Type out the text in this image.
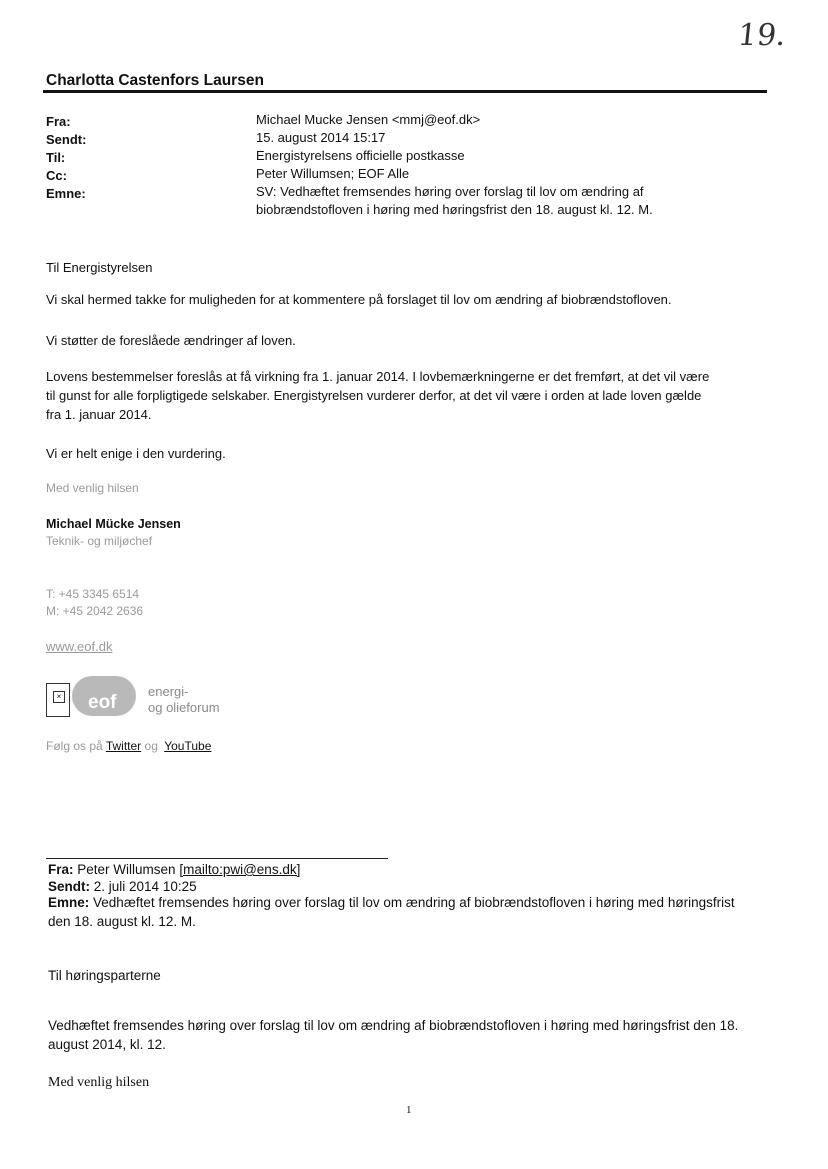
19.
Charlotta Castenfors Laursen
Fra:	Michael Mucke Jensen <mmj@eof.dk>
Sendt:	15. august 2014 15:17
Til:	Energistyrelsens officielle postkasse
Cc:	Peter Willumsen; EOF Alle
Emne:	SV: Vedhæftet fremsendes høring over forslag til lov om ændring af
biobrændstofloven i høring med høringsfrist den 18. august kl. 12. M.
Til Energistyrelsen
Vi skal hermed takke for muligheden for at kommentere på forslaget til lov om ændring af biobrændstofloven.
Vi støtter de foreslåede ændringer af loven.
Lovens bestemmelser foreslås at få virkning fra 1. januar 2014. I lovbemærkningerne er det fremført, at det vil være
til gunst for alle forpligtigede selskaber. Energistyrelsen vurderer derfor, at det vil være i orden at lade loven gælde
fra 1. januar 2014.
Vi er helt enige i den vurdering.
Med venlig hilsen
Michael Mücke Jensen
Teknik- og miljøchef
T: +45 3345 6514
M: +45 2042 2636
www.eof.dk
× eof
energi-
og olieforum
Følg os på Twitter og YouTube
Fra: Peter Willumsen [mailto:pwi@ens.dk]
Sendt: 2. juli 2014 10:25
Emne: Vedhæftet fremsendes høring over forslag til lov om ændring af biobrændstofloven i høring med høringsfrist
den 18. august kl. 12. M.
Til høringsparterne
Vedhæftet fremsendes høring over forslag til lov om ændring af biobrændstofloven i høring med høringsfrist den 18.
august 2014, kl. 12.
Med venlig hilsen
1
